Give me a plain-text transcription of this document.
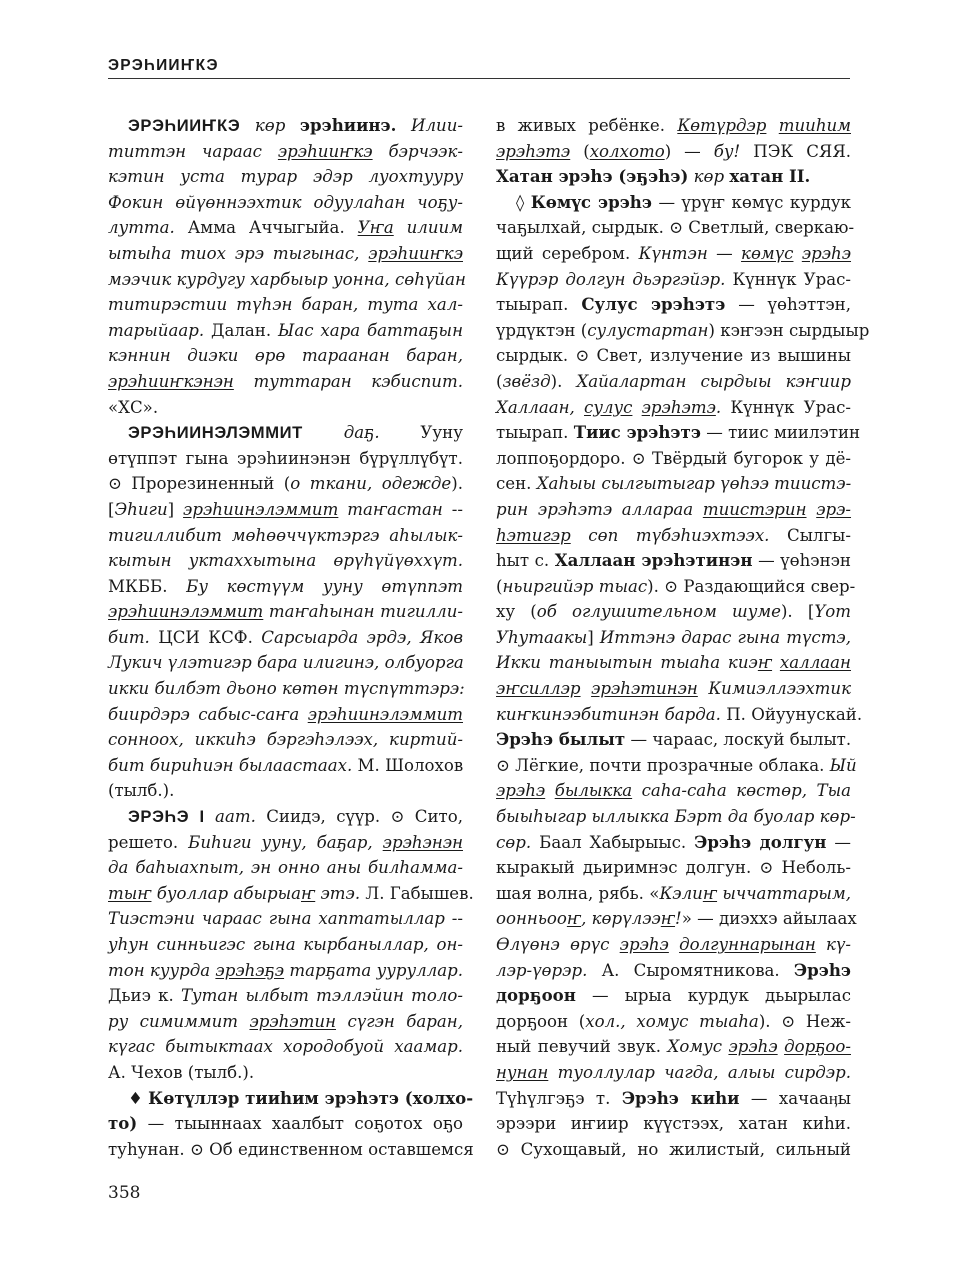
ЭРЭҺИИҤКЭ
ЭРЭҺИИҤКЭ көр эрэһиинэ. Илии-
титтэн чараас эрэһииҥкэ бэрчээк-
кэтин уста турар эдэр луохтуурy
Фокин өйүөннээхтик одуулаһан чоҕу-
лутта. Амма Аччыгыйа. Уҥа илиим
ытыһа тиох эрэ тыгынас, эрэһииҥкэ
мээчик курдугу харбыыр уонна, сөһүйан
титирэстии түһэн баран, тута хал-
тарыйаар. Далан. Ыас хара баттаҕын
кэннин диэки өрө тараанан баран,
эрэһииҥкэнэн туттаран кэбиспит.
«ХС».
ЭРЭҺИИНЭЛЭММИТ даҕ. Ууну
өтүппэт гына эрэһиинэнэн бүрүллүбүт.
⊙ Прорезиненный (о ткани, одежде).
[Эһиги] эрэһиинэлэммит таҥастан --
тигиллибит мөһөөччүктэргэ аһылык-
кытын уктаххытына өрүһүйүөххүт.
МКББ. Бу көстүүм ууну өтүппэт
эрэһиинэлэммит таҥаһынан тигилли-
бит. ЦСИ КСФ. Сарсыарда эрдэ, Яков
Лукич үлэтигэр бара илигинэ, олбуорга
икки билбэт дьоно көтөн түспүттэрэ:
биирдэрэ сабыс-саҥа эрэһиинэлэммит
сонноох, иккиһэ бэргэһэлээх, киртий-
бит бириһиэн былаастаах. М. Шолохов
(тылб.).
ЭРЭҺЭ I аат. Сиидэ, сүүр. ⊙ Сито,
решето. Биһиги ууну, баҕар, эрэһэнэн
да баһыахпыт, эн оннo аны билһаммa-
тыҥ буоллар абырыаҥ этэ. Л. Габышев.
Тиэстэни чараас гына хаптатыллар --
уһун синньигэс гына кырбаныллар, он-
тон куурда эрэһэҕэ тарҕата ууруллар.
Дьиэ к. Тутан ылбыт тэллэйин толо-
ру симиммит эрэһэтин сүгэн баран,
күгас бытыктаах хородобуой хаамар.
А. Чехов (тылб.).
♦ Көтүллэр тииһим эрэһэтэ (холхо-
то) — тыыннаах хаалбыт соҕотох оҕо
туһунан. ⊙ Об единственном оставшемся
в живых ребёнке. Көтүрдэр тииһим
эрэһэтэ (холхото) — бу! ПЭК СЯЯ.
Хатан эрэһэ (эҕэһэ) көр хатан II.
◊ Көмүс эрэһэ — үрүҥ көмүс курдук
чаҕылхай, сырдык. ⊙ Светлый, сверкаю-
щий серебром. Күнтэн — көмүс эрэһэ
Күүрэр долгун дьэргэйэр. Күннүк Урас-
тыырап. Сулус эрэһэтэ — үөһэттэн,
үрдүктэн (сулустартан) кэҥээн сырдыыр
сырдык. ⊙ Свет, излучение из вышины
(звёзд). Хайалартан сырдыы кэҥиир
Халлаан, сулус эрэһэтэ. Күннүк Урас-
тыырап. Тиис эрэһэтэ — тиис миилэтин
лоппоҕордоро. ⊙ Твёрдый бугорок у дё-
сен. Хаһыы сылгытыгар үөһээ тиистэ-
рин эрэһэтэ алларaa тиистэрин эрэ-
һэтигэр сөп түбэһиэхтээх. Сылгы-
һыт с. Халлаан эрэһэтинэн — үөһэнэн
(ньиргийэр тыас). ⊙ Раздающийся свер-
ху (об оглушительном шуме). [Үот
Уһутаакы] Иттэнэ дарас гына түстэ,
Икки таныытын тыаһа киэҥ халлаан
эҥсиллэр эрэһэтинэн Кимиэллээхтик
киҥкинээбитинэн барда. П. Ойуунускай.
Эрэһэ былыт — чараас, лоскуй былыт.
⊙ Лёгкие, почти прозрачные облака. Ый
эрэһэ былыкка саһа-саһа көстөр, Тыа
быыһыгар ыллыкка Бэрт да буолар көр-
сөр. Баал Хабырыыс. Эрэһэ долгун —
кыракый дьиримнэс долгун. ⊙ Неболь-
шая волна, рябь. «Кэлиҥ ыччаттарым,
оонньооҥ, көрүлээҥ!» — диэхxэ айылаах
Өлүөнэ өрүс эрэһэ долгуннарынан кү-
лэр-үөрэр. А. Сыромятникова. Эрэһэ
дорҕоон — ырыа курдук дьырылас
дорҕоон (хол., хомус тыаһа). ⊙ Неж-
ный певучий звук. Хомус эрэһэ дорҕоо-
нунан туоллулар чагда, алыы сирдэр.
Түһүлгэҕэ т. Эрэһэ киһи — хачааӊы
эрээри иҥиир күүстээх, хатан киһи.
⊙ Сухощавый, но жилистый, сильный
358
